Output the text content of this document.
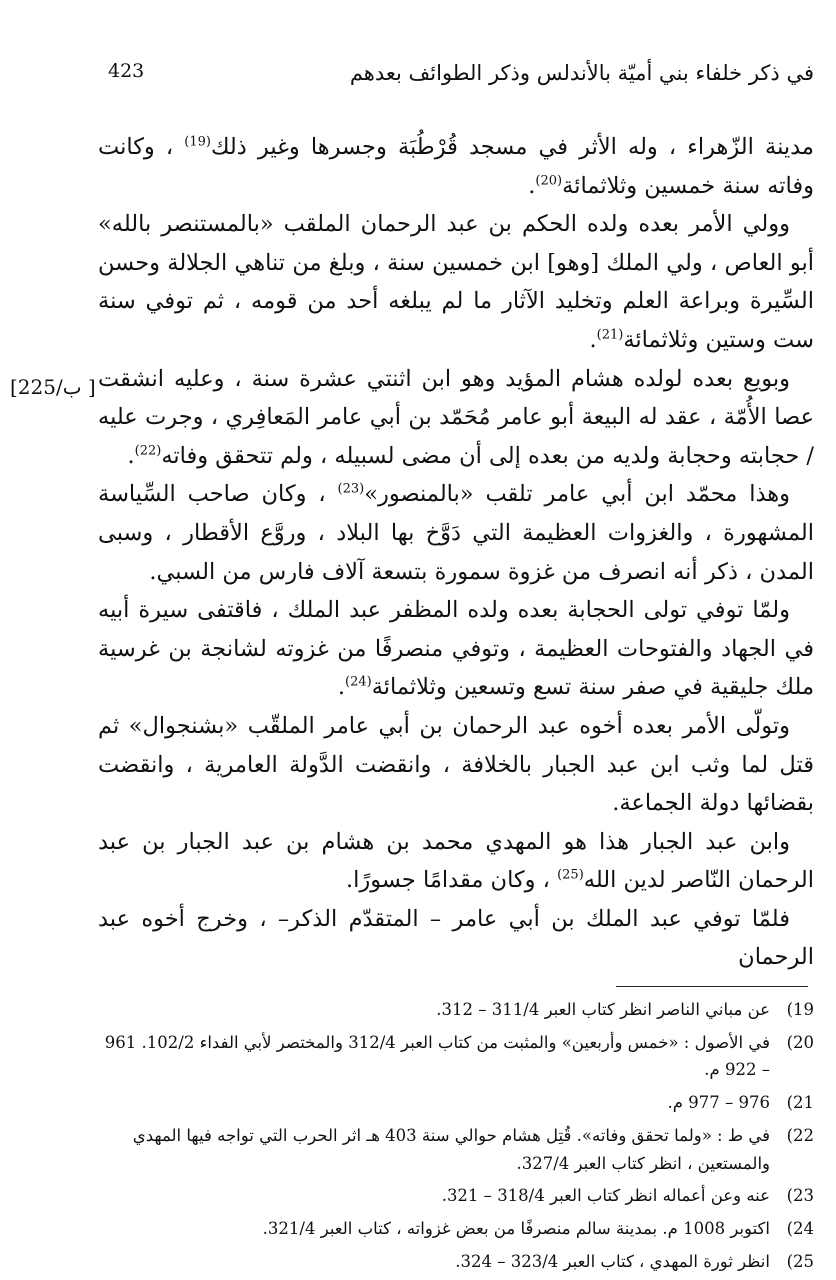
في ذكر خلفاء بني أميّة بالأندلس وذكر الطوائف بعدهم
423
[225/ب ]

مدينة الزّهراء ، وله الأثر في مسجد قُرْطُبَة وجسرها وغير ذلك$^{(19)}$ ، وكانت وفاته سنة خمسين وثلاثمائة$^{(20)}$.

وولي الأمر بعده ولده الحكم بن عبد الرحمان الملقب «بالمستنصر بالله» أبو العاص ، ولي الملك [وهو] ابن خمسين سنة ، وبلغ من تناهي الجلالة وحسن السِّيرة وبراعة العلم وتخليد الآثار ما لم يبلغه أحد من قومه ، ثم توفي سنة ست وستين وثلاثمائة$^{(21)}$.

وبويع بعده لولده هشام المؤيد وهو ابن اثنتي عشرة سنة ، وعليه انشقت عصا الأُمّة ، عقد له البيعة أبو عامر مُحَمّد بن أبي عامر المَعافِري ، وجرت عليه / حجابته وحجابة ولديه من بعده إلى أن مضى لسبيله ، ولم تتحقق وفاته$^{(22)}$.

وهذا محمّد ابن أبي عامر تلقب «بالمنصور»$^{(23)}$ ، وكان صاحب السِّياسة المشهورة ، والغزوات العظيمة التي دَوَّخ بها البلاد ، وروَّع الأقطار ، وسبى المدن ، ذكر أنه انصرف من غزوة سمورة بتسعة آلاف فارس من السبي.

ولمّا توفي تولى الحجابة بعده ولده المظفر عبد الملك ، فاقتفى سيرة أبيه في الجهاد والفتوحات العظيمة ، وتوفي منصرفًا من غزوته لشانجة بن غرسية ملك جليقية في صفر سنة تسع وتسعين وثلاثمائة$^{(24)}$.

وتولّى الأمر بعده أخوه عبد الرحمان بن أبي عامر الملقّب «بشنجوال» ثم قتل لما وثب ابن عبد الجبار بالخلافة ، وانقضت الدَّولة العامرية ، وانقضت بقضائها دولة الجماعة.

وابن عبد الجبار هذا هو المهدي محمد بن هشام بن عبد الجبار بن عبد الرحمان النّاصر لدين الله$^{(25)}$ ، وكان مقدامًا جسورًا.

فلمّا توفي عبد الملك بن أبي عامر – المتقدّم الذكر– ، وخرج أخوه عبد الرحمان

19)
عن مباني الناصر انظر كتاب العبر 311/4 – 312.
20)
في الأصول : «خمس وأربعين» والمثبت من كتاب العبر 312/4 والمختصر لأبي الفداء 102/2. 961 – 922 م.
21)
976 – 977 م.
22)
في ط : «ولما تحقق وفاته». قُتِل هشام حوالي سنة 403 هـ اثر الحرب التي تواجه فيها المهدي والمستعين ، انظر كتاب العبر 327/4.
23)
عنه وعن أعماله انظر كتاب العبر 318/4 – 321.
24)
اكتوبر 1008 م. بمدينة سالم منصرفًا من بعض غزواته ، كتاب العبر 321/4.
25)
انظر ثورة المهدي ، كتاب العبر 323/4 – 324.
